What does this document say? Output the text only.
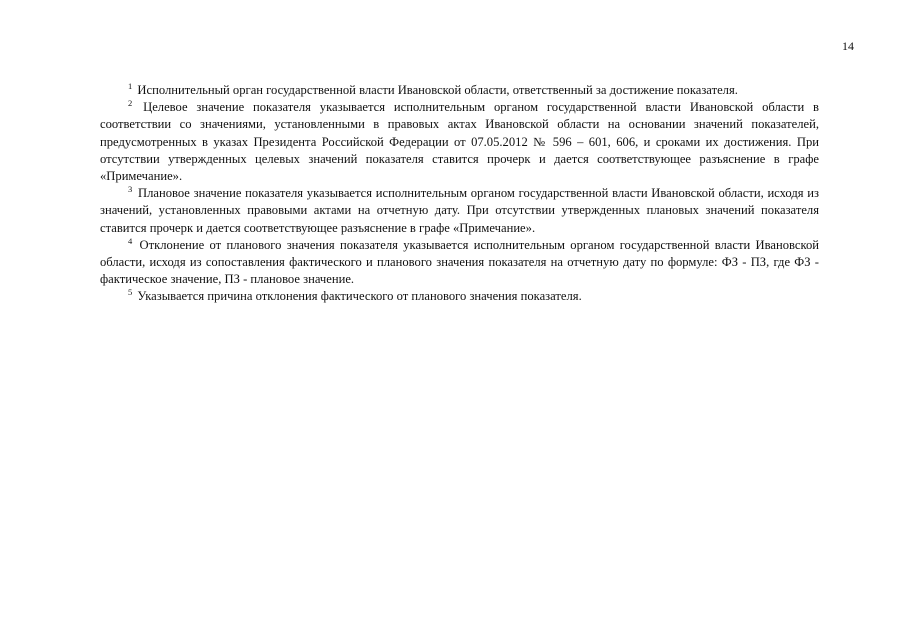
14

$^1$ Исполнительный орган государственной власти Ивановской области, ответственный за достижение показателя.

$^2$ Целевое значение показателя указывается исполнительным органом государственной власти Ивановской области в соответствии со значениями, установленными в правовых актах Ивановской области на основании значений показателей, предусмотренных в указах Президента Российской Федерации от 07.05.2012 № 596 – 601, 606, и сроками их достижения. При отсутствии утвержденных целевых значений показателя ставится прочерк и дается соответствующее разъяснение в графе «Примечание».

$^3$ Плановое значение показателя указывается исполнительным органом государственной власти Ивановской области, исходя из значений, установленных правовыми актами на отчетную дату. При отсутствии утвержденных плановых значений показателя ставится прочерк и дается соответствующее разъяснение в графе «Примечание».

$^4$ Отклонение от планового значения показателя указывается исполнительным органом государственной власти Ивановской области, исходя из сопоставления фактического и планового значения показателя на отчетную дату по формуле: ФЗ - ПЗ, где ФЗ - фактическое значение, ПЗ - плановое значение.

$^5$ Указывается причина отклонения фактического от планового значения показателя.
